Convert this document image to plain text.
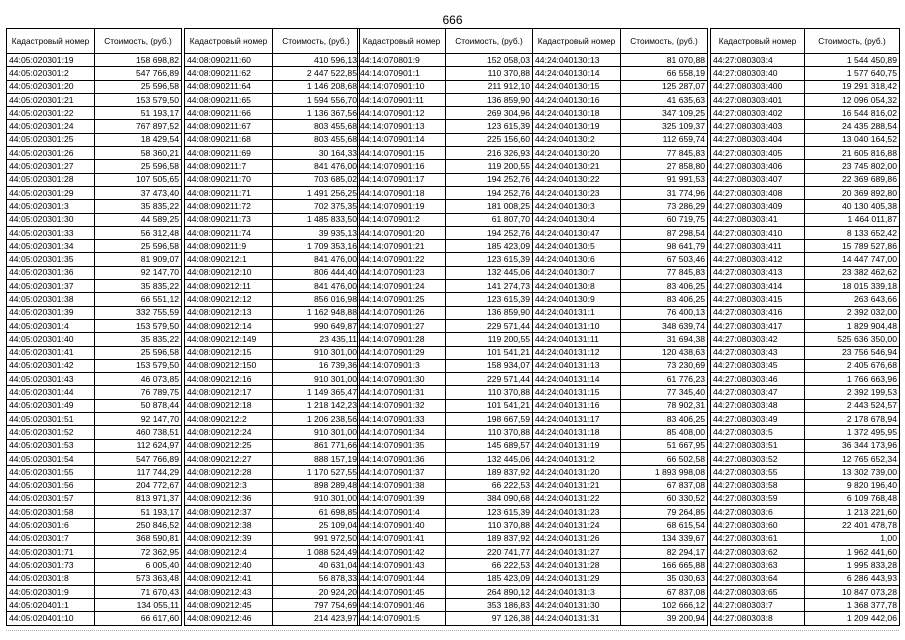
666
Кадастровый номер	Стоимость, (руб.)
44:05:020301:19	158 698,82
44:05:020301:2	547 766,89
44:05:020301:20	25 596,58
44:05:020301:21	153 579,50
44:05:020301:22	51 193,17
44:05:020301:24	767 897,52
44:05:020301:25	18 429,54
44:05:020301:26	58 360,21
44:05:020301:27	25 596,58
44:05:020301:28	107 505,65
44:05:020301:29	37 473,40
44:05:020301:3	35 835,22
44:05:020301:30	44 589,25
44:05:020301:33	56 312,48
44:05:020301:34	25 596,58
44:05:020301:35	81 909,07
44:05:020301:36	92 147,70
44:05:020301:37	35 835,22
44:05:020301:38	66 551,12
44:05:020301:39	332 755,59
44:05:020301:4	153 579,50
44:05:020301:40	35 835,22
44:05:020301:41	25 596,58
44:05:020301:42	153 579,50
44:05:020301:43	46 073,85
44:05:020301:44	76 789,75
44:05:020301:49	50 878,44
44:05:020301:51	92 147,70
44:05:020301:52	460 738,51
44:05:020301:53	112 624,97
44:05:020301:54	547 766,89
44:05:020301:55	117 744,29
44:05:020301:56	204 772,67
44:05:020301:57	813 971,37
44:05:020301:58	51 193,17
44:05:020301:6	250 846,52
44:05:020301:7	368 590,81
44:05:020301:71	72 362,95
44:05:020301:73	6 005,40
44:05:020301:8	573 363,48
44:05:020301:9	71 670,43
44:05:020401:1	134 055,11
44:05:020401:10	66 617,60
Кадастровый номер	Стоимость, (руб.)
44:08:090211:60	410 596,13
44:08:090211:62	2 447 522,85
44:08:090211:64	1 146 208,68
44:08:090211:65	1 594 556,70
44:08:090211:66	1 136 367,56
44:08:090211:67	803 455,68
44:08:090211:68	803 455,68
44:08:090211:69	30 164,33
44:08:090211:7	841 476,00
44:08:090211:70	703 685,02
44:08:090211:71	1 491 256,25
44:08:090211:72	702 375,35
44:08:090211:73	1 485 833,50
44:08:090211:74	39 935,13
44:08:090211:9	1 709 353,16
44:08:090212:1	841 476,00
44:08:090212:10	806 444,40
44:08:090212:11	841 476,00
44:08:090212:12	856 016,98
44:08:090212:13	1 162 948,88
44:08:090212:14	990 649,87
44:08:090212:149	23 435,11
44:08:090212:15	910 301,00
44:08:090212:150	16 739,36
44:08:090212:16	910 301,00
44:08:090212:17	1 149 365,47
44:08:090212:18	1 218 142,23
44:08:090212:2	1 206 238,56
44:08:090212:24	910 301,00
44:08:090212:25	861 771,66
44:08:090212:27	888 157,19
44:08:090212:28	1 170 527,55
44:08:090212:3	898 289,48
44:08:090212:36	910 301,00
44:08:090212:37	61 698,85
44:08:090212:38	25 109,04
44:08:090212:39	991 972,50
44:08:090212:4	1 088 524,49
44:08:090212:40	40 631,04
44:08:090212:41	56 878,33
44:08:090212:43	20 924,20
44:08:090212:45	797 754,69
44:08:090212:46	214 423,97
Кадастровый номер	Стоимость, (руб.)
44:14:070801:9	152 058,03
44:14:070901:1	110 370,88
44:14:070901:10	211 912,10
44:14:070901:11	136 859,90
44:14:070901:12	269 304,96
44:14:070901:13	123 615,39
44:14:070901:14	225 156,60
44:14:070901:15	216 326,93
44:14:070901:16	119 200,55
44:14:070901:17	194 252,76
44:14:070901:18	194 252,76
44:14:070901:19	181 008,25
44:14:070901:2	61 807,70
44:14:070901:20	194 252,76
44:14:070901:21	185 423,09
44:14:070901:22	123 615,39
44:14:070901:23	132 445,06
44:14:070901:24	141 274,73
44:14:070901:25	123 615,39
44:14:070901:26	136 859,90
44:14:070901:27	229 571,44
44:14:070901:28	119 200,55
44:14:070901:29	101 541,21
44:14:070901:3	158 934,07
44:14:070901:30	229 571,44
44:14:070901:31	110 370,88
44:14:070901:32	101 541,21
44:14:070901:33	198 667,59
44:14:070901:34	110 370,88
44:14:070901:35	145 689,57
44:14:070901:36	132 445,06
44:14:070901:37	189 837,92
44:14:070901:38	66 222,53
44:14:070901:39	384 090,68
44:14:070901:4	123 615,39
44:14:070901:40	110 370,88
44:14:070901:41	189 837,92
44:14:070901:42	220 741,77
44:14:070901:43	66 222,53
44:14:070901:44	185 423,09
44:14:070901:45	264 890,12
44:14:070901:46	353 186,83
44:14:070901:5	97 126,38
Кадастровый номер	Стоимость, (руб.)
44:24:040130:13	81 070,88
44:24:040130:14	66 558,19
44:24:040130:15	125 287,07
44:24:040130:16	41 635,63
44:24:040130:18	347 109,25
44:24:040130:19	325 109,37
44:24:040130:2	112 659,74
44:24:040130:20	77 845,83
44:24:040130:21	27 858,80
44:24:040130:22	91 991,53
44:24:040130:23	31 774,96
44:24:040130:3	73 286,29
44:24:040130:4	60 719,75
44:24:040130:47	87 298,54
44:24:040130:5	98 641,79
44:24:040130:6	67 503,46
44:24:040130:7	77 845,83
44:24:040130:8	83 406,25
44:24:040130:9	83 406,25
44:24:040131:1	76 400,13
44:24:040131:10	348 639,74
44:24:040131:11	31 694,38
44:24:040131:12	120 438,63
44:24:040131:13	73 230,69
44:24:040131:14	61 776,23
44:24:040131:15	77 345,40
44:24:040131:16	78 902,31
44:24:040131:17	83 406,25
44:24:040131:18	85 408,00
44:24:040131:19	51 667,95
44:24:040131:2	66 502,58
44:24:040131:20	1 893 998,08
44:24:040131:21	67 837,08
44:24:040131:22	60 330,52
44:24:040131:23	79 264,85
44:24:040131:24	68 615,54
44:24:040131:26	134 339,67
44:24:040131:27	82 294,17
44:24:040131:28	166 665,88
44:24:040131:29	35 030,63
44:24:040131:3	67 837,08
44:24:040131:30	102 666,12
44:24:040131:31	39 200,94
Кадастровый номер	Стоимость, (руб.)
44:27:080303:4	1 544 450,89
44:27:080303:40	1 577 640,75
44:27:080303:400	19 291 318,42
44:27:080303:401	12 096 054,32
44:27:080303:402	16 544 816,02
44:27:080303:403	24 435 288,54
44:27:080303:404	13 040 164,52
44:27:080303:405	21 605 816,88
44:27:080303:406	23 745 802,00
44:27:080303:407	22 369 689,86
44:27:080303:408	20 369 892,80
44:27:080303:409	40 130 405,38
44:27:080303:41	1 464 011,87
44:27:080303:410	8 133 652,42
44:27:080303:411	15 789 527,86
44:27:080303:412	14 447 747,00
44:27:080303:413	23 382 462,62
44:27:080303:414	18 015 339,18
44:27:080303:415	263 643,66
44:27:080303:416	2 392 032,00
44:27:080303:417	1 829 904,48
44:27:080303:42	525 636 350,00
44:27:080303:43	23 756 546,94
44:27:080303:45	2 405 676,68
44:27:080303:46	1 766 663,96
44:27:080303:47	2 392 199,53
44:27:080303:48	2 443 524,57
44:27:080303:49	2 178 678,94
44:27:080303:5	1 372 495,95
44:27:080303:51	36 344 173,96
44:27:080303:52	12 765 652,34
44:27:080303:55	13 302 739,00
44:27:080303:58	9 820 196,40
44:27:080303:59	6 109 768,48
44:27:080303:6	1 213 221,60
44:27:080303:60	22 401 478,78
44:27:080303:61	1,00
44:27:080303:62	1 962 441,60
44:27:080303:63	1 995 833,28
44:27:080303:64	6 286 443,93
44:27:080303:65	10 847 073,28
44:27:080303:7	1 368 377,78
44:27:080303:8	1 209 442,06
